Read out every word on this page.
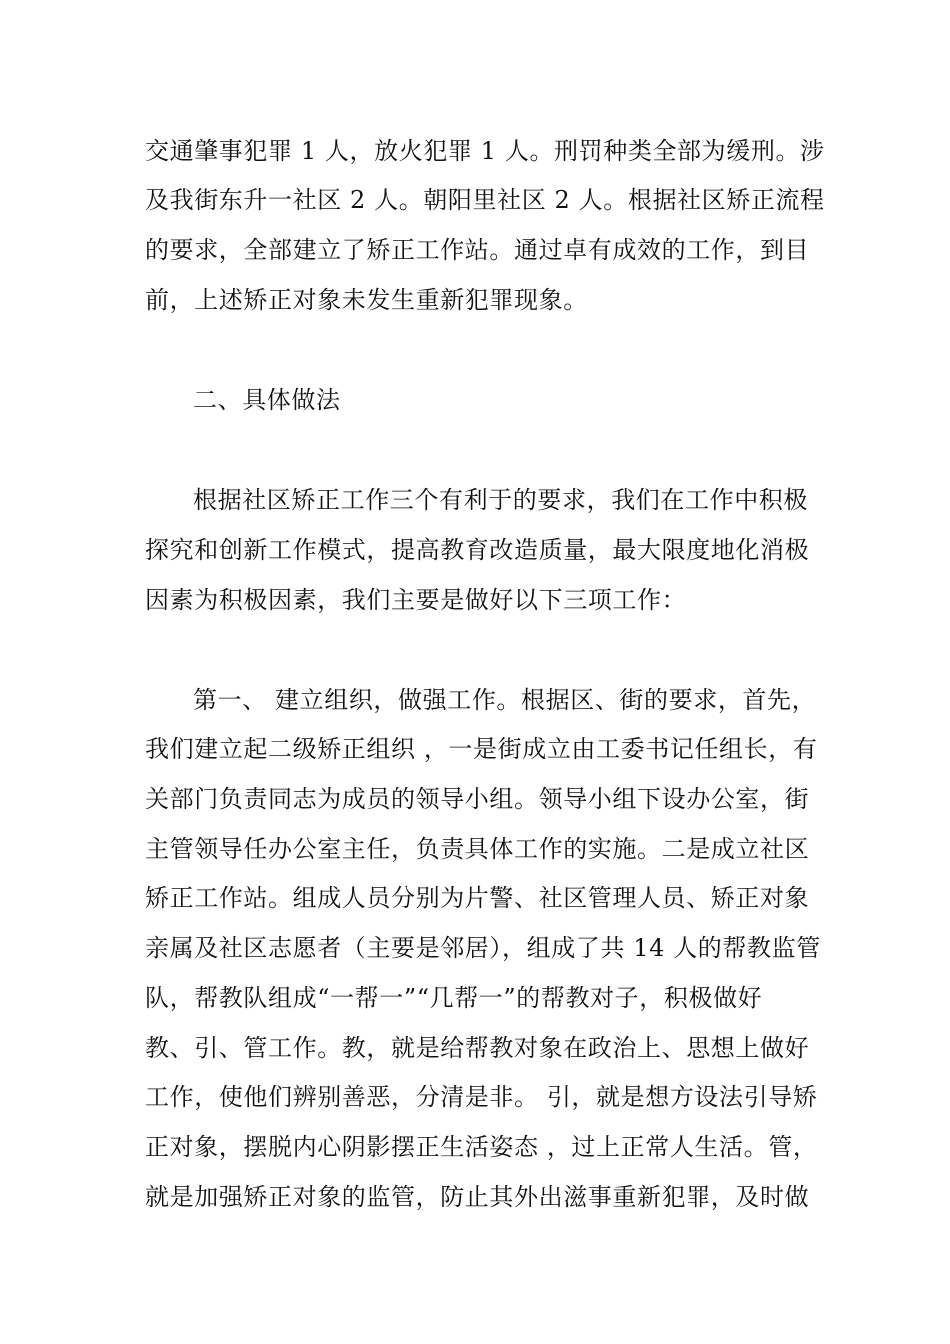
交通肇事犯罪 1 人，放火犯罪 1 人。刑罚种类全部为缓刑。涉
及我街东升一社区 2 人。朝阳里社区 2 人。根据社区矫正流程
的要求，全部建立了矫正工作站。通过卓有成效的工作，到目
前，上述矫正对象未发生重新犯罪现象。
二、具体做法
根据社区矫正工作三个有利于的要求，我们在工作中积极
探究和创新工作模式，提高教育改造质量，最大限度地化消极
因素为积极因素，我们主要是做好以下三项工作：
第一、 建立组织，做强工作。根据区、街的要求，首先，
我们建立起二级矫正组织 ，一是街成立由工委书记任组长，有
关部门负责同志为成员的领导小组。领导小组下设办公室，街
主管领导任办公室主任，负责具体工作的实施。二是成立社区
矫正工作站。组成人员分别为片警、社区管理人员、矫正对象
亲属及社区志愿者（主要是邻居），组成了共 14 人的帮教监管
队，帮教队组成“一帮一”“几帮一”的帮教对子，积极做好
教、引、管工作。教，就是给帮教对象在政治上、思想上做好
工作，使他们辨别善恶，分清是非。 引，就是想方设法引导矫
正对象，摆脱内心阴影摆正生活姿态 ，过上正常人生活。管，
就是加强矫正对象的监管，防止其外出滋事重新犯罪，及时做
